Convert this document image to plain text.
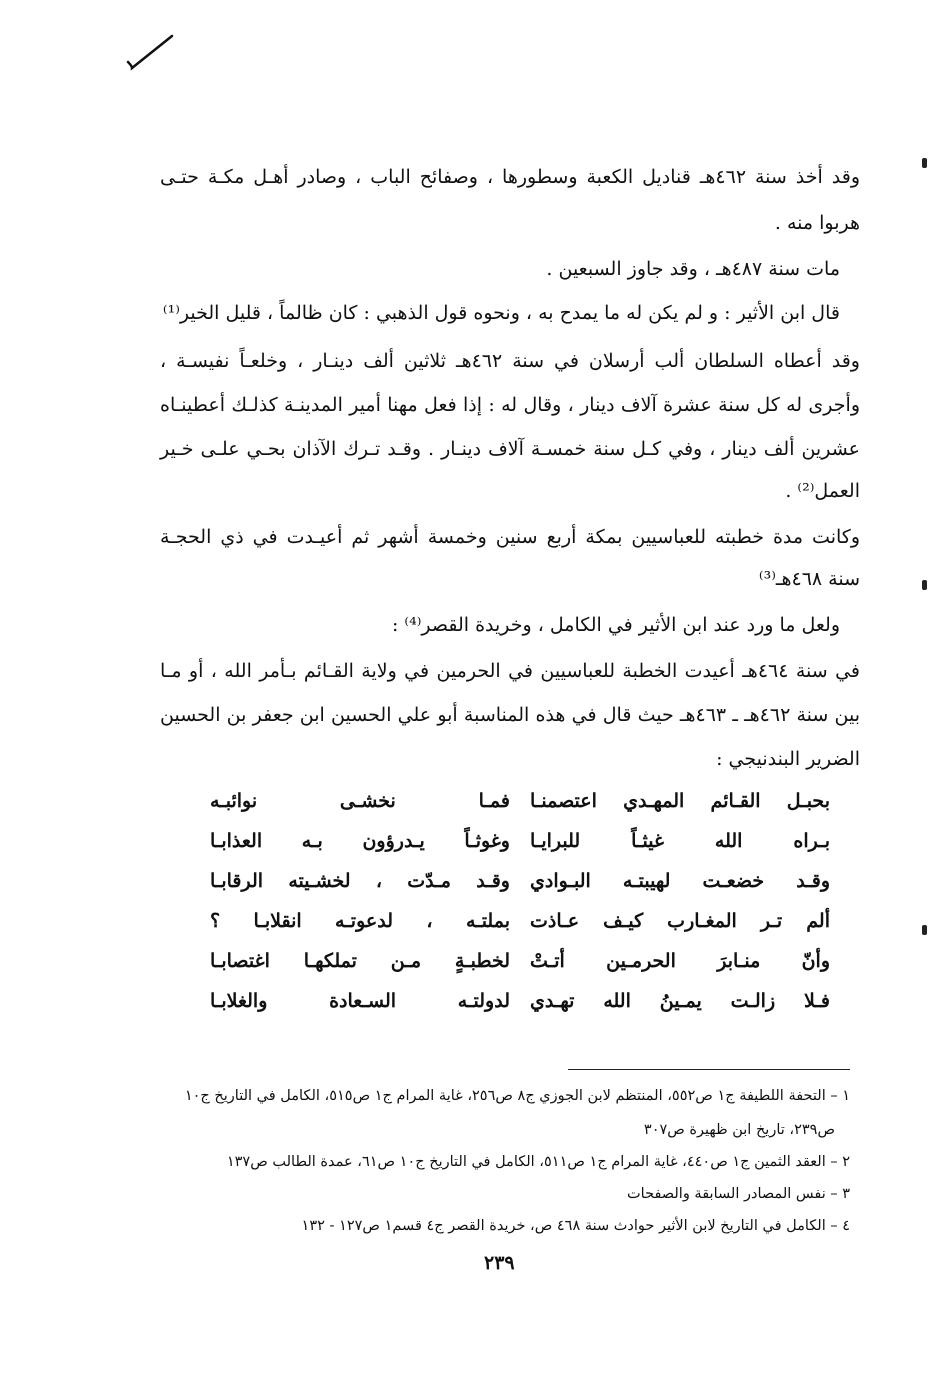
وقد أخذ سنة ٤٦٢هـ قناديل الكعبة وسطورها ، وصفائح الباب ، وصادر أهـل مكـة حتـى
هربوا منه .
مات سنة ٤٨٧هـ ، وقد جاوز السبعين .
قال ابن الأثير : و لم يكن له ما يمدح به ، ونحوه قول الذهبي : كان ظالماً ، قليل الخير⁽¹⁾
وقد أعطاه السلطان ألب أرسلان في سنة ٤٦٢هـ ثلاثين ألف دينـار ، وخلعـاً نفيسـة ،
وأجرى له كل سنة عشرة آلاف دينار ، وقال له : إذا فعل مهنا أمير المدينـة كذلـك أعطينـاه
عشرين ألف دينار ، وفي كـل سنة خمسـة آلاف دينـار . وقـد تـرك الآذان بحـي علـى خـير
العمل⁽²⁾ .
وكانت مدة خطبته للعباسيين بمكة أربع سنين وخمسة أشهر ثم أعيـدت في ذي الحجـة
سنة ٤٦٨هـ⁽³⁾
ولعل ما ورد عند ابن الأثير في الكامل ، وخريدة القصر⁽⁴⁾ :
في سنة ٤٦٤هـ أعيدت الخطبة للعباسيين في الحرمين في ولاية القـائم بـأمر الله ، أو مـا
بين سنة ٤٦٢هـ ـ ٤٦٣هـ حيث قال في هذه المناسبة أبو علي الحسين ابن جعفر بن الحسين
الضرير البندنيجي :
بحبـل القـائم المهـدي اعتصمنـا
فمـا نخشـى نوائبـه
بـراه الله غيثـاً للبرايـا
وغوثـاً يـدرؤون بـه العذابـا
وقـد خضعـت لهيبتـه البـوادي
وقـد مـدّت ، لخشـيته الرقابـا
ألم تـر المغـارب كيـف عـاذت
بملتـه ، لدعوتـه انقلابـا ؟
وأنّ منـابرَ الحرمـين أتـتْ
لخطبـةٍ مـن تملكهـا اغتصابـا
فـلا زالـت يمـينُ الله تهـدي
لدولتـه السـعادة والغلابـا
١ – التحفة اللطيفة ج١ ص٥٥٢، المنتظم لابن الجوزي ج٨ ص٢٥٦، غاية المرام ج١ ص٥١٥، الكامل في التاريخ ج١٠
ص٢٣٩، تاريخ ابن ظهيرة ص٣٠٧
٢ – العقد الثمين ج١ ص٤٤٠، غاية المرام ج١ ص٥١١، الكامل في التاريخ ج١٠ ص٦١، عمدة الطالب ص١٣٧
٣ – نفس المصادر السابقة والصفحات
٤ – الكامل في التاريخ لابن الأثير حوادث سنة ٤٦٨ ص، خريدة القصر ج٤ قسم١ ص١٢٧ - ١٣٢
٢٣٩
